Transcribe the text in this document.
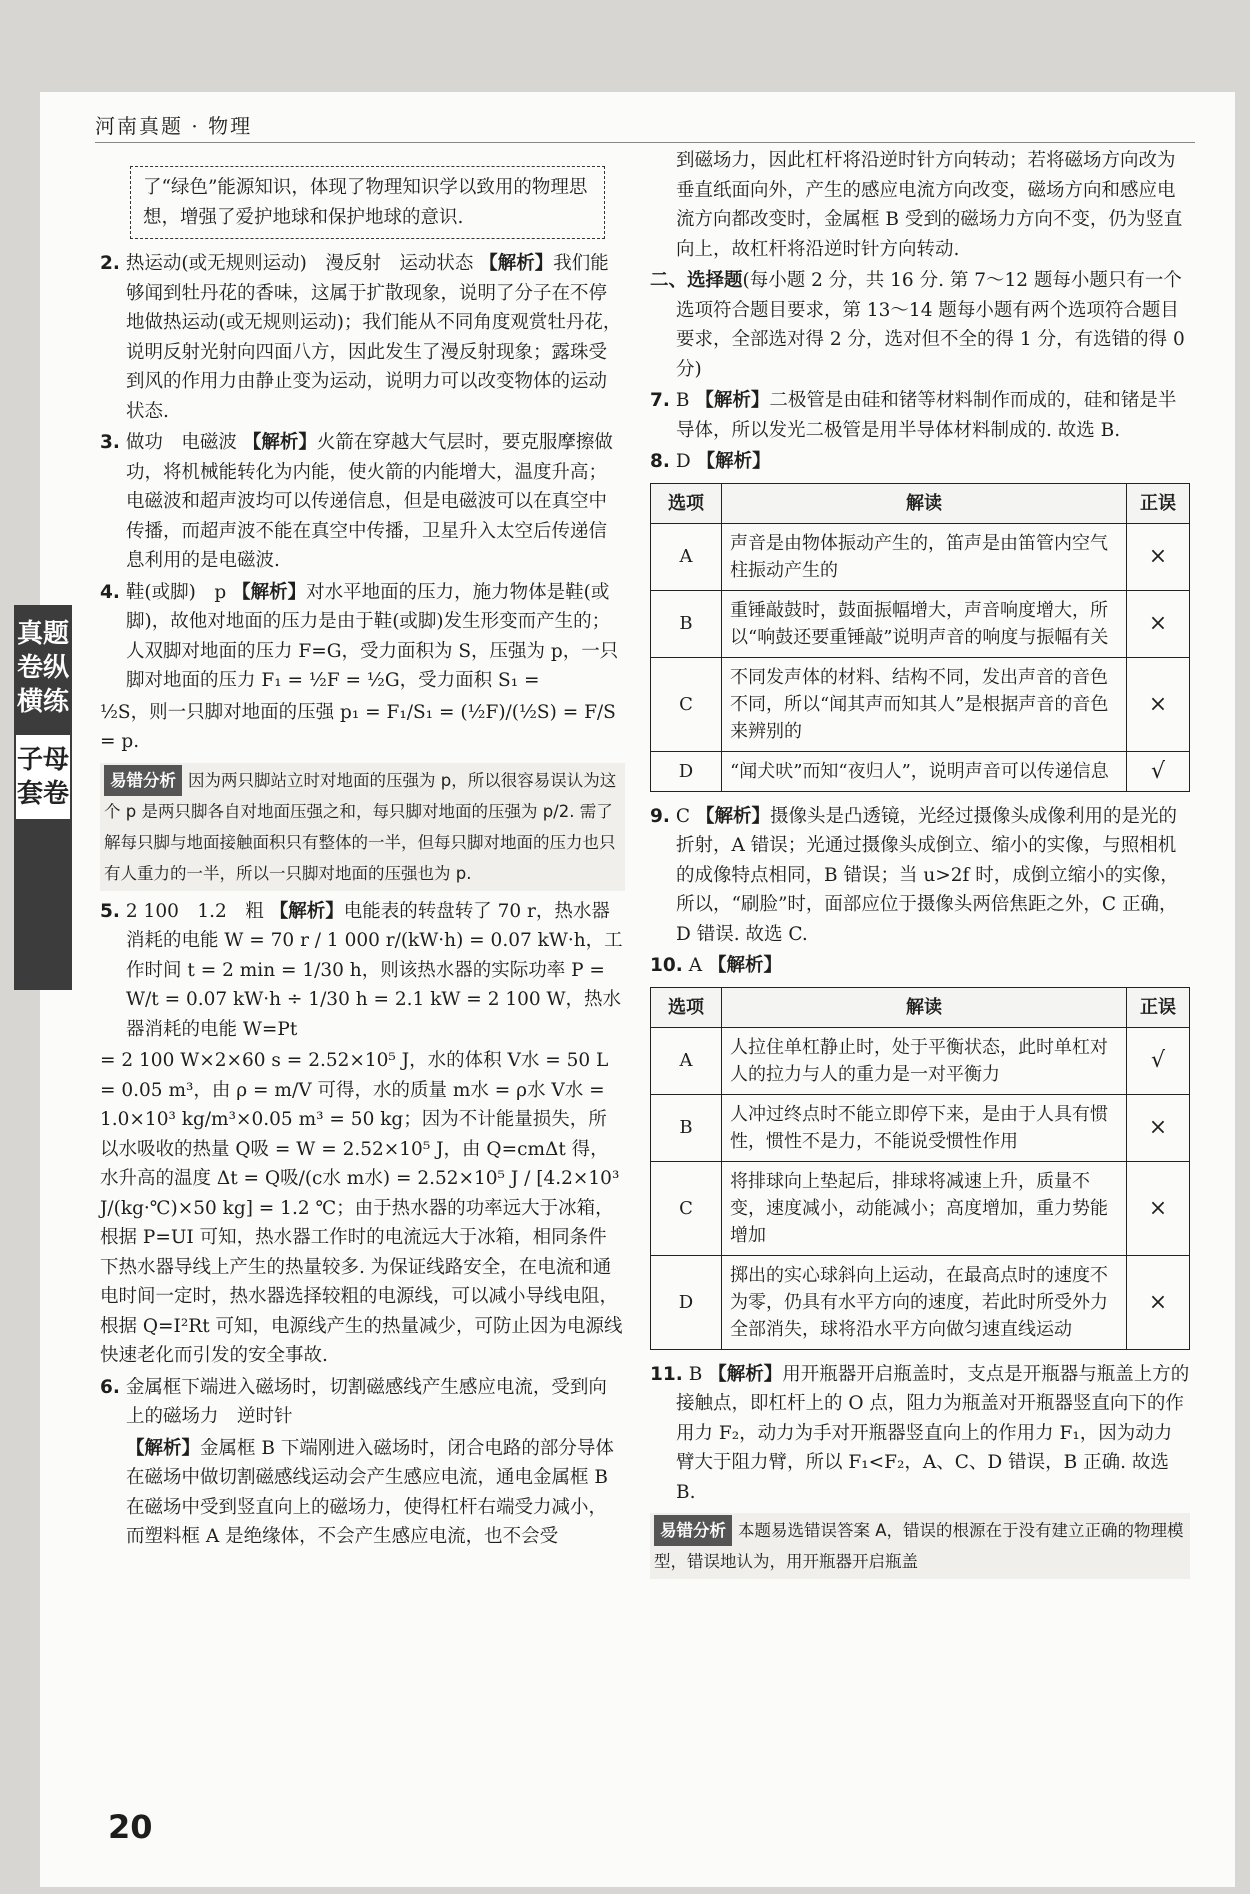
河南真题 · 物理
真题卷纵横练
子母套卷
了“绿色”能源知识，体现了物理知识学以致用的物理思想，增强了爱护地球和保护地球的意识.

2. 热运动(或无规则运动)　漫反射　运动状态 【解析】我们能够闻到牡丹花的香味，这属于扩散现象，说明了分子在不停地做热运动(或无规则运动)；我们能从不同角度观赏牡丹花，说明反射光射向四面八方，因此发生了漫反射现象；露珠受到风的作用力由静止变为运动，说明力可以改变物体的运动状态.

3. 做功　电磁波 【解析】火箭在穿越大气层时，要克服摩擦做功，将机械能转化为内能，使火箭的内能增大，温度升高；电磁波和超声波均可以传递信息，但是电磁波可以在真空中传播，而超声波不能在真空中传播，卫星升入太空后传递信息利用的是电磁波.

4. 鞋(或脚)　p 【解析】对水平地面的压力，施力物体是鞋(或脚)，故他对地面的压力是由于鞋(或脚)发生形变而产生的；人双脚对地面的压力 F=G，受力面积为 S，压强为 p，一只脚对地面的压力 F₁ = ½F = ½G，受力面积 S₁ =

½S，则一只脚对地面的压强 p₁ = F₁/S₁ = (½F)/(½S) = F/S = p.

易错分析 因为两只脚站立时对地面的压强为 p，所以很容易误认为这个 p 是两只脚各自对地面压强之和，每只脚对地面的压强为 p/2. 需了解每只脚与地面接触面积只有整体的一半，但每只脚对地面的压力也只有人重力的一半，所以一只脚对地面的压强也为 p.

5. 2 100　1.2　粗 【解析】电能表的转盘转了 70 r，热水器消耗的电能 W = 70 r / 1 000 r/(kW·h) = 0.07 kW·h，工作时间 t = 2 min = 1/30 h，则该热水器的实际功率 P = W/t = 0.07 kW·h ÷ 1/30 h = 2.1 kW = 2 100 W，热水器消耗的电能 W=Pt

= 2 100 W×2×60 s = 2.52×10⁵ J，水的体积 V水 = 50 L = 0.05 m³，由 ρ = m/V 可得，水的质量 m水 = ρ水 V水 = 1.0×10³ kg/m³×0.05 m³ = 50 kg；因为不计能量损失，所以水吸收的热量 Q吸 = W = 2.52×10⁵ J，由 Q=cmΔt 得，水升高的温度 Δt = Q吸/(c水 m水) = 2.52×10⁵ J / [4.2×10³ J/(kg·℃)×50 kg] = 1.2 ℃；由于热水器的功率远大于冰箱，根据 P=UI 可知，热水器工作时的电流远大于冰箱，相同条件下热水器导线上产生的热量较多. 为保证线路安全，在电流和通电时间一定时，热水器选择较粗的电源线，可以减小导线电阻，根据 Q=I²Rt 可知，电源线产生的热量减少，可防止因为电源线快速老化而引发的安全事故.

6. 金属框下端进入磁场时，切割磁感线产生感应电流，受到向上的磁场力　逆时针

【解析】金属框 B 下端刚进入磁场时，闭合电路的部分导体在磁场中做切割磁感线运动会产生感应电流，通电金属框 B 在磁场中受到竖直向上的磁场力，使得杠杆右端受力减小，而塑料框 A 是绝缘体，不会产生感应电流，也不会受

到磁场力，因此杠杆将沿逆时针方向转动；若将磁场方向改为垂直纸面向外，产生的感应电流方向改变，磁场方向和感应电流方向都改变时，金属框 B 受到的磁场力方向不变，仍为竖直向上，故杠杆将沿逆时针方向转动.

二、选择题(每小题 2 分，共 16 分. 第 7～12 题每小题只有一个选项符合题目要求，第 13～14 题每小题有两个选项符合题目要求，全部选对得 2 分，选对但不全的得 1 分，有选错的得 0 分)

7. B 【解析】二极管是由硅和锗等材料制作而成的，硅和锗是半导体，所以发光二极管是用半导体材料制成的. 故选 B.

8. D 【解析】

选项	解读	正误
A	声音是由物体振动产生的，笛声是由笛管内空气柱振动产生的	×
B	重锤敲鼓时，鼓面振幅增大，声音响度增大，所以“响鼓还要重锤敲”说明声音的响度与振幅有关	×
C	不同发声体的材料、结构不同，发出声音的音色不同，所以“闻其声而知其人”是根据声音的音色来辨别的	×
D	“闻犬吠”而知“夜归人”，说明声音可以传递信息	√

9. C 【解析】摄像头是凸透镜，光经过摄像头成像利用的是光的折射，A 错误；光通过摄像头成倒立、缩小的实像，与照相机的成像特点相同，B 错误；当 u>2f 时，成倒立缩小的实像，所以，“刷脸”时，面部应位于摄像头两倍焦距之外，C 正确，D 错误. 故选 C.

10. A 【解析】

选项	解读	正误
A	人拉住单杠静止时，处于平衡状态，此时单杠对人的拉力与人的重力是一对平衡力	√
B	人冲过终点时不能立即停下来，是由于人具有惯性，惯性不是力，不能说受惯性作用	×
C	将排球向上垫起后，排球将减速上升，质量不变，速度减小，动能减小；高度增加，重力势能增加	×
D	掷出的实心球斜向上运动，在最高点时的速度不为零，仍具有水平方向的速度，若此时所受外力全部消失，球将沿水平方向做匀速直线运动	×

11. B 【解析】用开瓶器开启瓶盖时，支点是开瓶器与瓶盖上方的接触点，即杠杆上的 O 点，阻力为瓶盖对开瓶器竖直向下的作用力 F₂，动力为手对开瓶器竖直向上的作用力 F₁，因为动力臂大于阻力臂，所以 F₁<F₂，A、C、D 错误，B 正确. 故选 B.

易错分析 本题易选错误答案 A，错误的根源在于没有建立正确的物理模型，错误地认为，用开瓶器开启瓶盖
20
